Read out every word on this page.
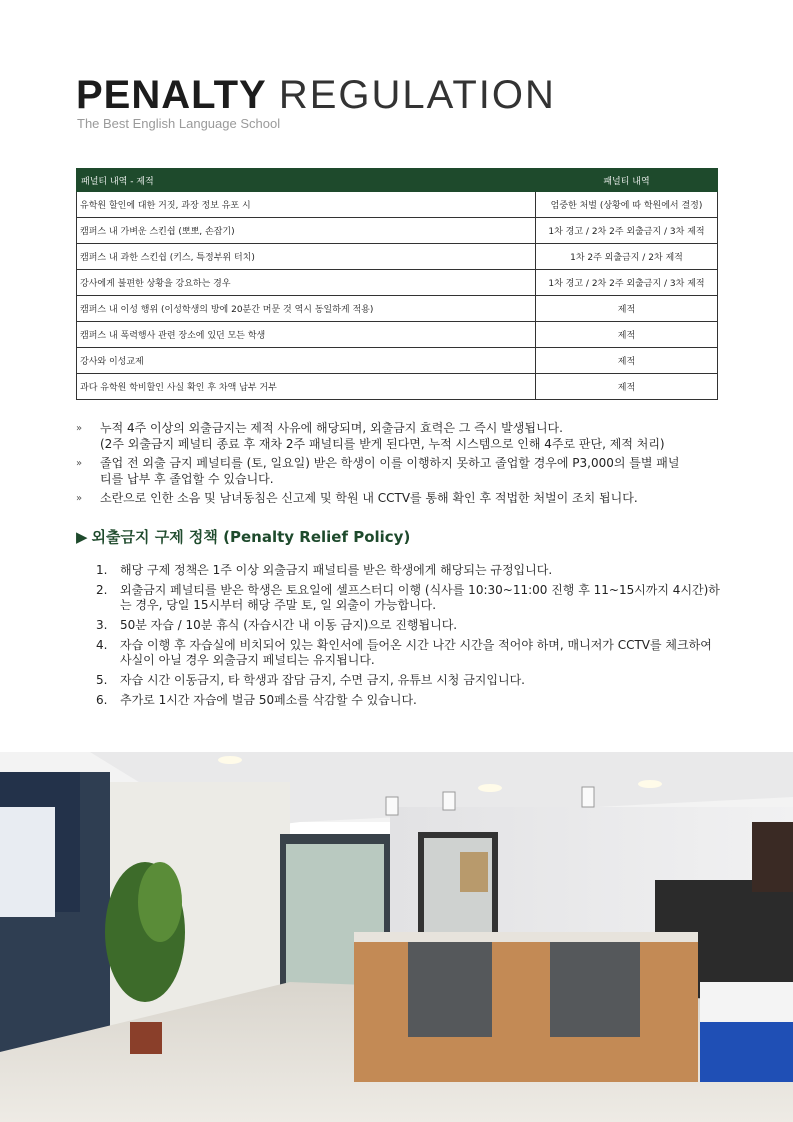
PENALTY REGULATION
The Best English Language School
패널티 내역 - 제적	패널티 내역
유학원 할인에 대한 거짓, 과장 정보 유포 시	엄중한 처벌 (상황에 따 학원에서 결정)
캠퍼스 내 가벼운 스킨쉽 (뽀뽀, 손잡기)	1차 경고 / 2차 2주 외출금지 / 3차 제적
캠퍼스 내 과한 스킨쉽 (키스, 특정부위 터치)	1차 2주 외출금지 / 2차 제적
강사에게 불편한 상황을 강요하는 경우	1차 경고 / 2차 2주 외출금지 / 3차 제적
캠퍼스 내 이성 행위 (이성학생의 방에 20분간 머문 것 역시 동일하게 적용)	제적
캠퍼스 내 폭력행사 관련 장소에 있던 모든 학생	제적
강사와 이성교제	제적
과다 유학원 학비할인 사실 확인 후 차액 납부 거부	제적
»	누적 4주 이상의 외출금지는 제적 사유에 해당되며, 외출금지 효력은 그 즉시 발생됩니다.
(2주 외출금지 페널티 종료 후 재차 2주 패널티를 받게 된다면, 누적 시스템으로 인해 4주로 판단, 제적 처리)
»	졸업 전 외출 금지 페널티를 (토, 일요일) 받은 학생이 이를 이행하지 못하고 졸업할 경우에 P3,000의 틀별 패널
티를 납부 후 졸업할 수 있습니다.
»	소란으로 인한 소음 및 남녀동침은 신고제 및 학원 내 CCTV를 통해 확인 후 적법한 처벌이 조치 됩니다.
▶ 외출금지 구제 정책 (Penalty Relief Policy)
1.	해당 구제 정책은 1주 이상 외출금지 패널티를 받은 학생에게 해당되는 규정입니다.
2.	외출금지 페널티를 받은 학생은 토요일에 셀프스터디 이행 (식사를 10:30~11:00 진행 후 11~15시까지 4시간)하는 경우, 당일 15시부터 해당 주말 토, 일 외출이 가능합니다.
3.	50분 자습 / 10분 휴식 (자습시간 내 이동 금지)으로 진행됩니다.
4.	자습 이행 후 자습실에 비치되어 있는 확인서에 들어온 시간 나간 시간을 적어야 하며, 매니저가 CCTV를 체크하여 사실이 아닐 경우 외출금지 페널티는 유지됩니다.
5.	자습 시간 이동금지, 타 학생과 잡담 금지, 수면 금지, 유튜브 시청 금지입니다.
6.	추가로 1시간 자습에 벌금 50페소를 삭감할 수 있습니다.
